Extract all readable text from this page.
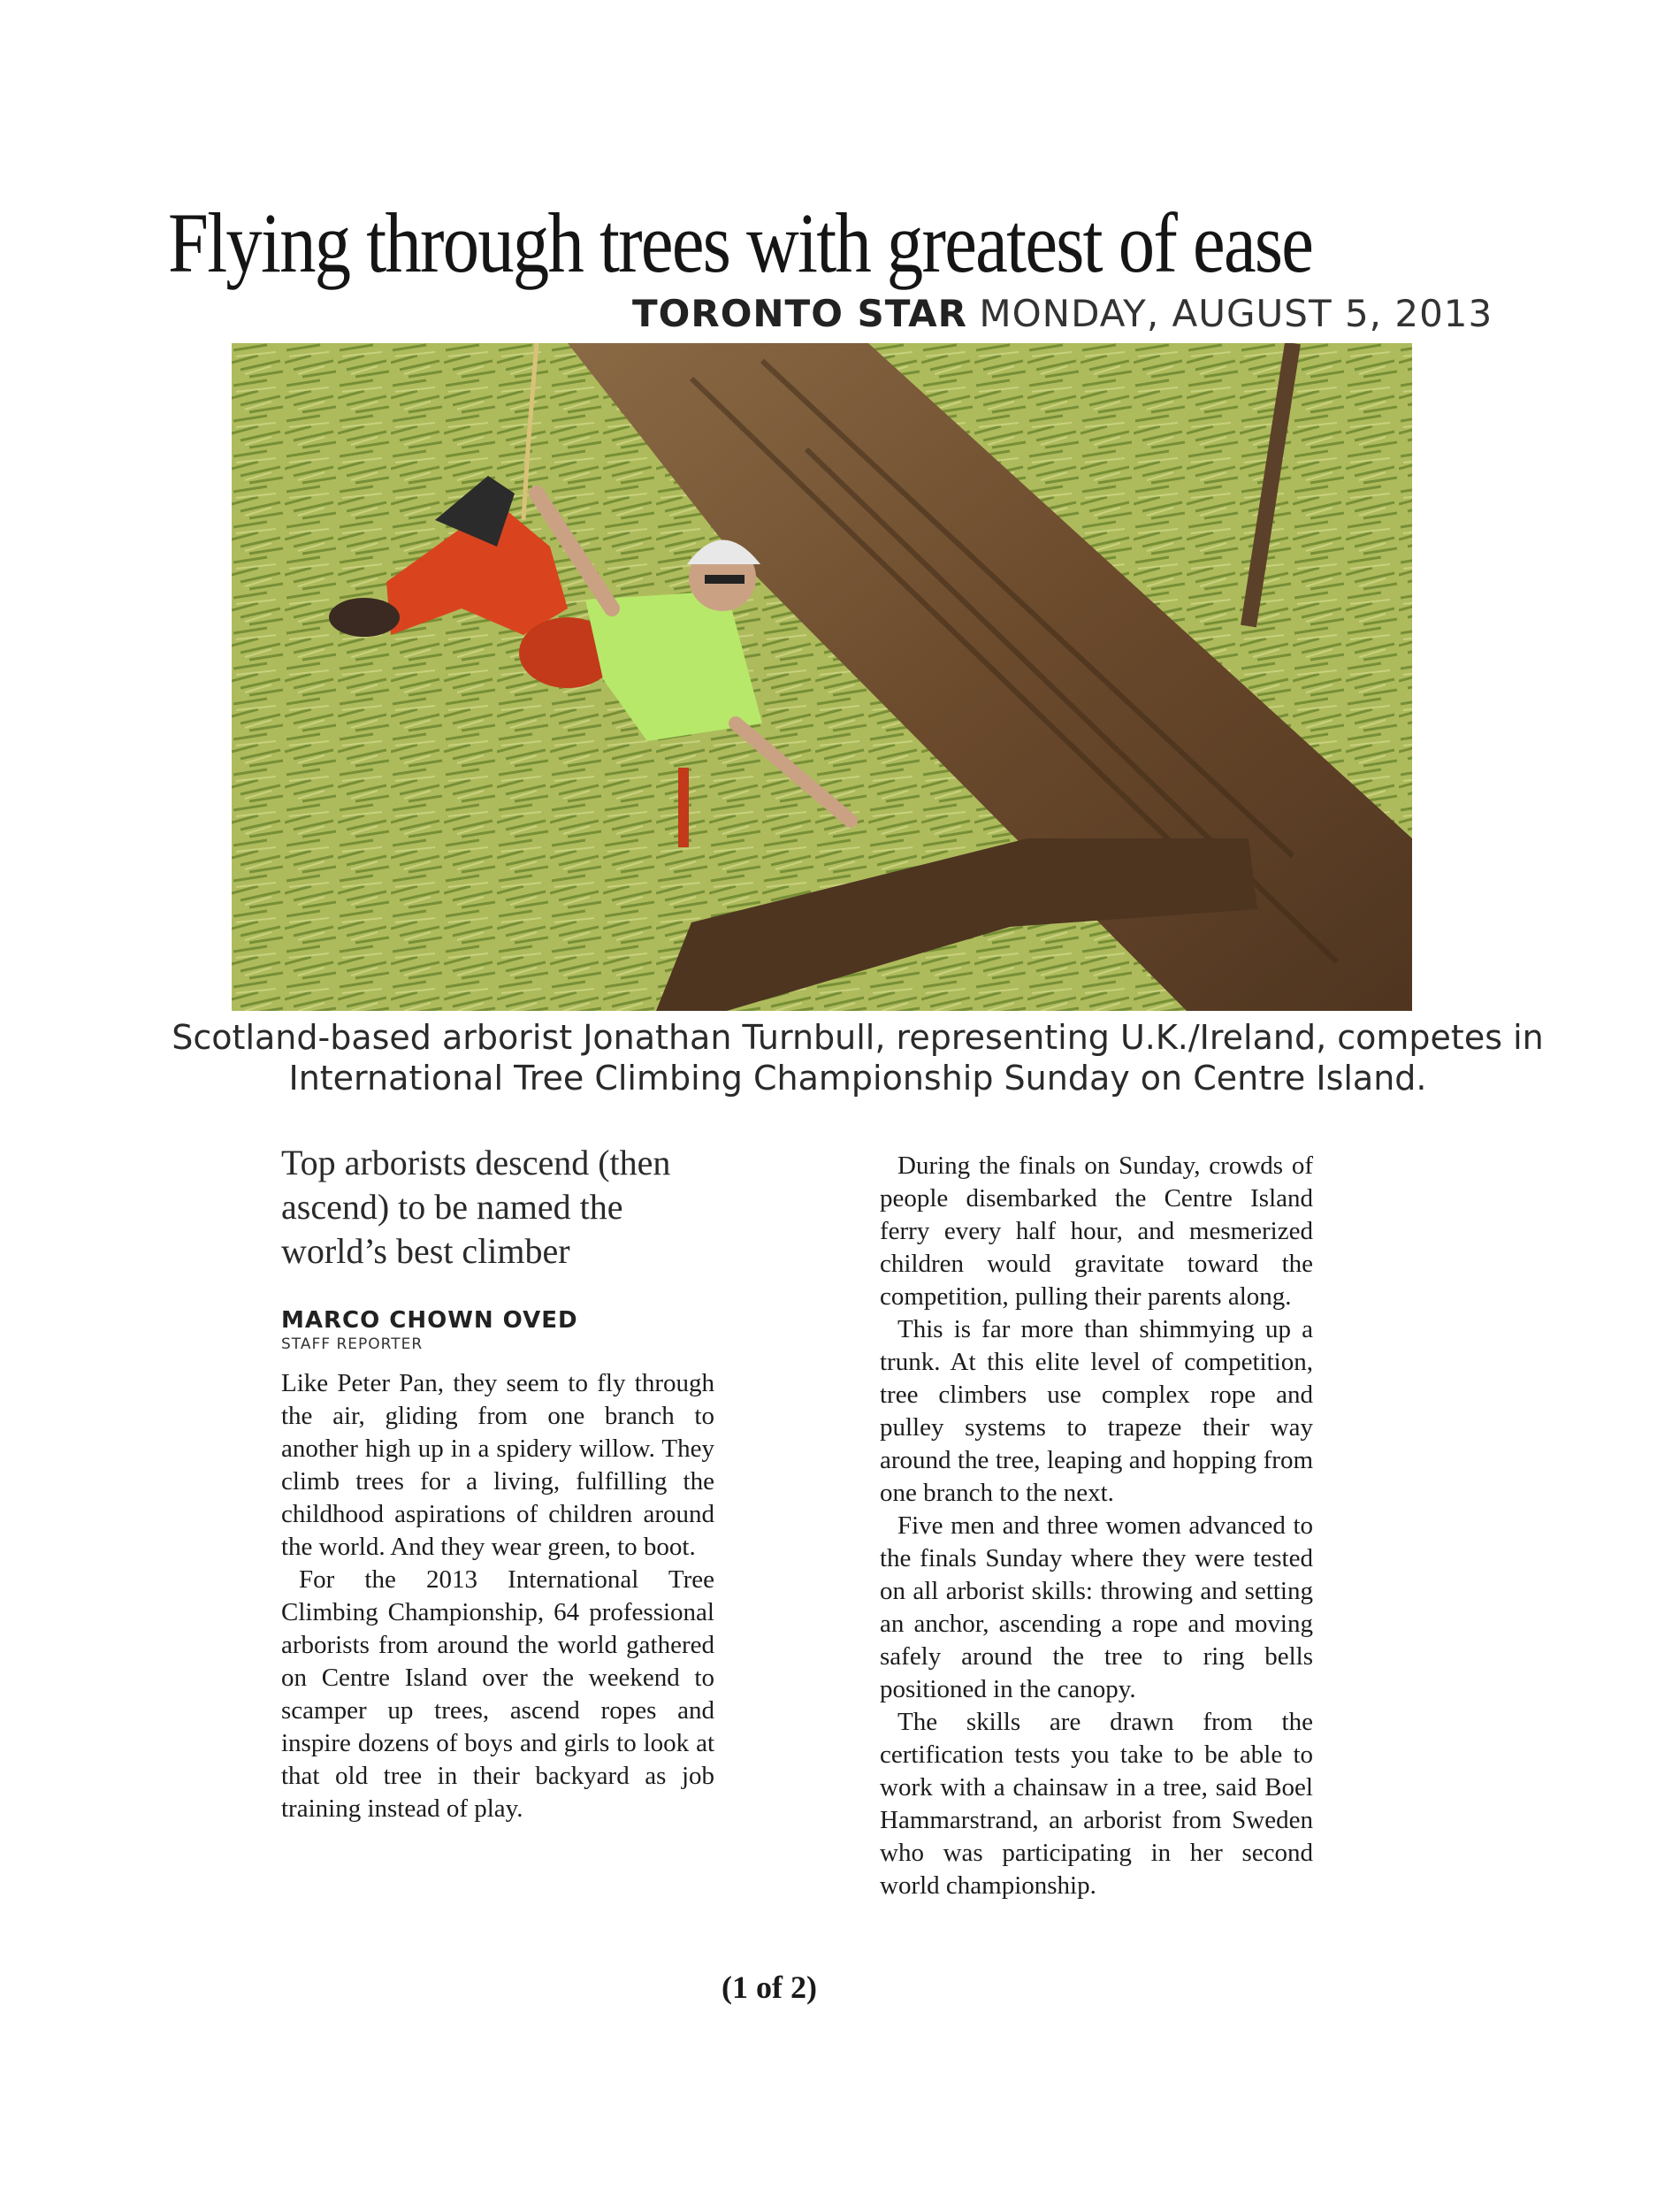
Flying through trees with greatest of ease
TORONTO STAR MONDAY, AUGUST 5, 2013
Scotland-based arborist Jonathan Turnbull, representing U.K./Ireland, competes in International Tree Climbing Championship Sunday on Centre Island.

Top arborists descend (then ascend) to be named the world’s best climber

MARCO CHOWN OVED

STAFF REPORTER

Like Peter Pan, they seem to fly through the air, gliding from one branch to another high up in a spidery willow. They climb trees for a living, fulfilling the childhood aspirations of children around the world. And they wear green, to boot.

For the 2013 International Tree Climbing Championship, 64 professional arborists from around the world gathered on Centre Island over the weekend to scamper up trees, ascend ropes and inspire dozens of boys and girls to look at that old tree in their backyard as job training instead of play.

During the finals on Sunday, crowds of people disembarked the Centre Island ferry every half hour, and mesmerized children would gravitate toward the competition, pulling their parents along.

This is far more than shimmying up a trunk. At this elite level of competition, tree climbers use complex rope and pulley systems to trapeze their way around the tree, leaping and hopping from one branch to the next.

Five men and three women advanced to the finals Sunday where they were tested on all arborist skills: throwing and setting an anchor, ascending a rope and moving safely around the tree to ring bells positioned in the canopy.

The skills are drawn from the certification tests you take to be able to work with a chainsaw in a tree, said Boel Hammarstrand, an arborist from Sweden who was participating in her second world championship.

(1 of 2)
